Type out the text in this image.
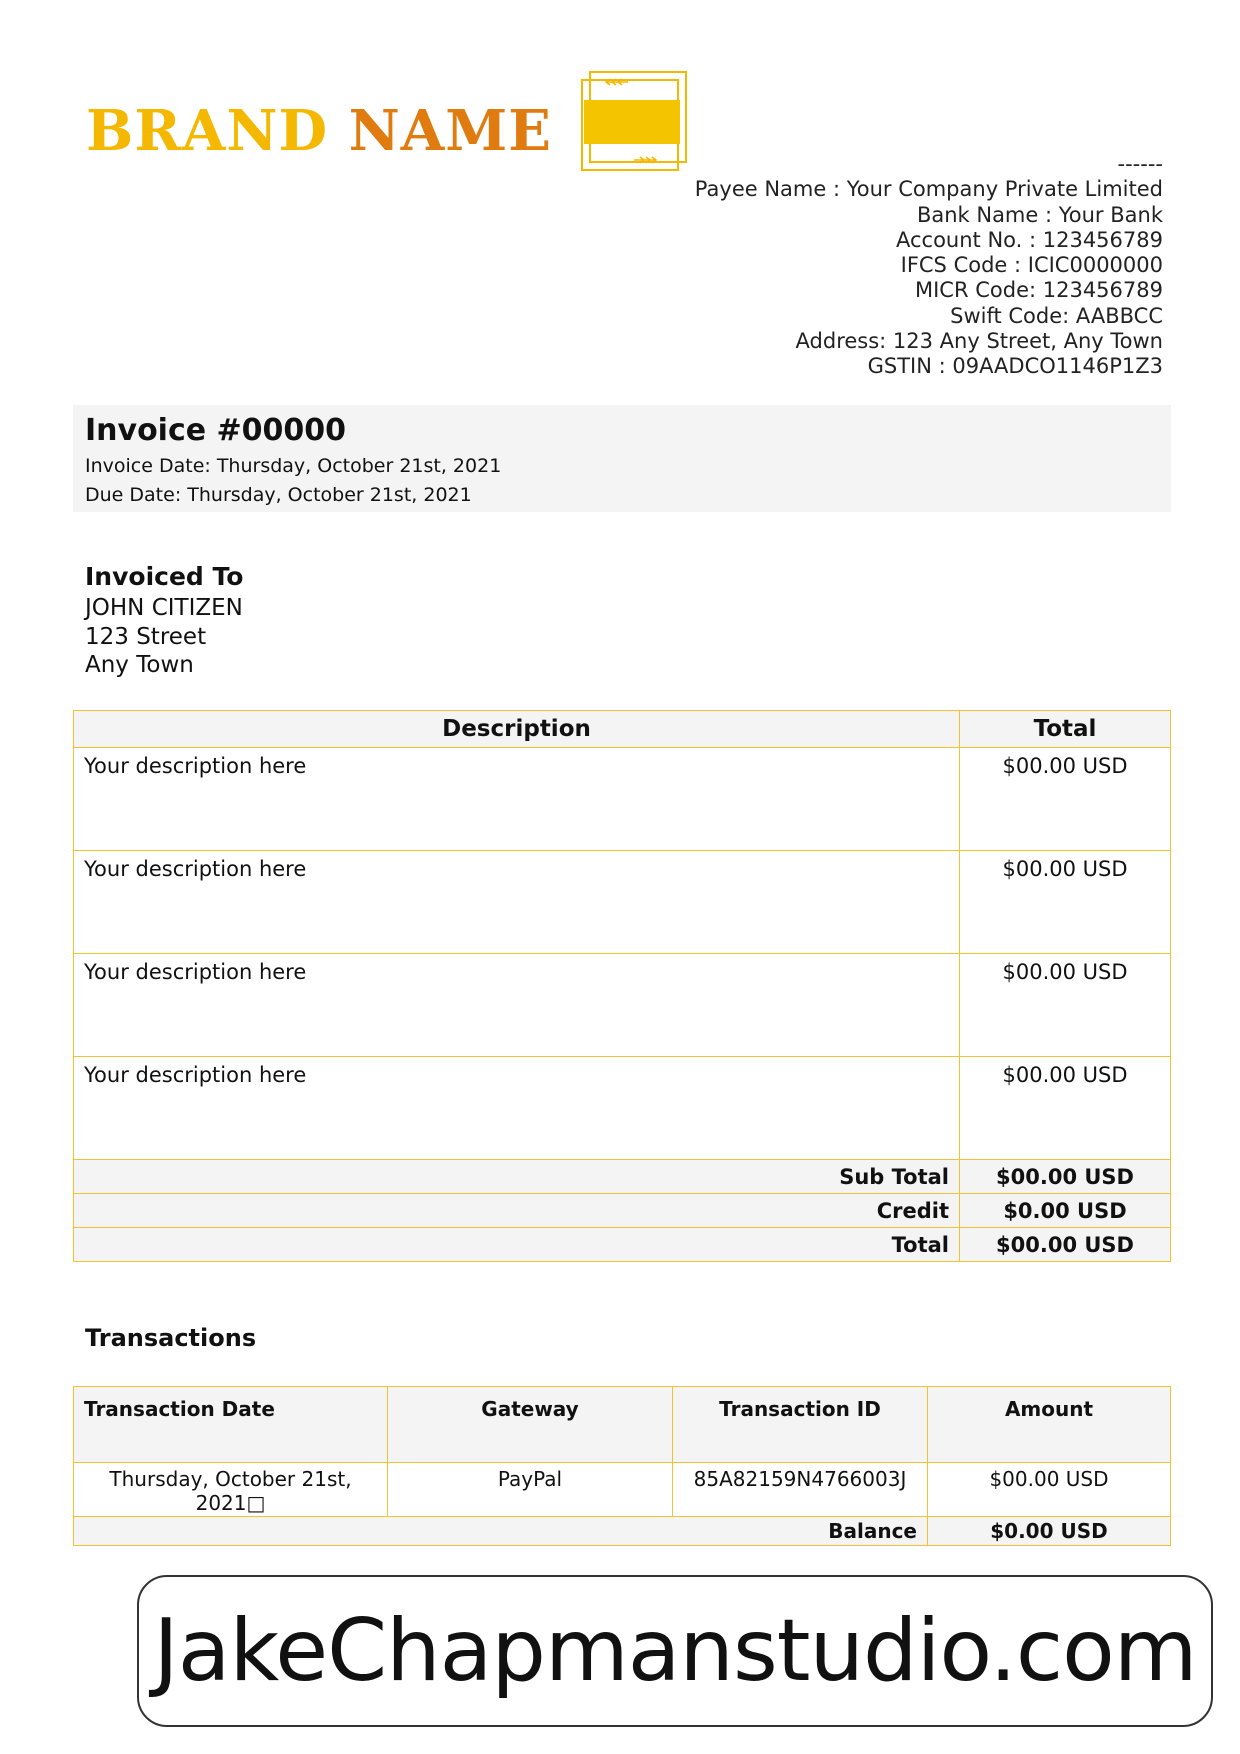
BRAND NAME	------
Payee Name : Your Company Private Limited
Bank Name : Your Bank
Account No. : 123456789
IFCS Code : ICIC0000000
MICR Code: 123456789
Swift Code: AABBCC
Address: 123 Any Street, Any Town
GSTIN : 09AADCO1146P1Z3
Invoice #00000
Invoice Date: Thursday, October 21st, 2021
Due Date: Thursday, October 21st, 2021
Invoiced To
JOHN CITIZEN
123 Street
Any Town
Description	Total
Your description here	$00.00 USD
Your description here	$00.00 USD
Your description here	$00.00 USD
Your description here	$00.00 USD
Sub Total	$00.00 USD
Credit	$0.00 USD
Total	$00.00 USD
Transactions
Transaction Date	Gateway	Transaction ID	Amount

Thursday, October 21st,
2021□	PayPal	85A82159N4766003J	$00.00 USD
Balance			$0.00 USD
JakeChapmanstudio.com
